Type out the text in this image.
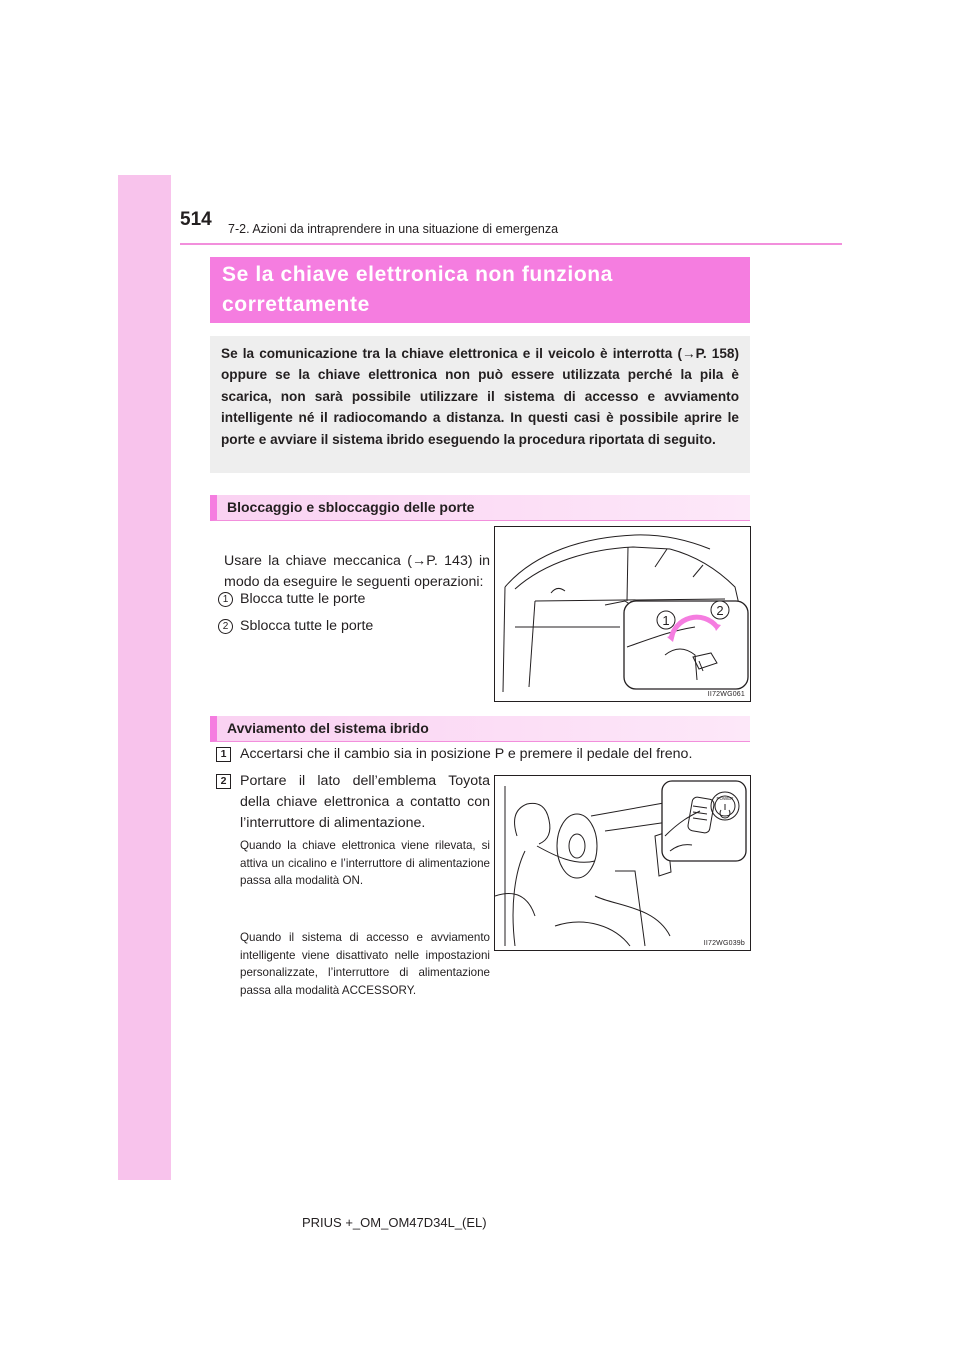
514 7-2. Azioni da intraprendere in una situazione di emergenza
Se la chiave elettronica non funziona
correttamente
Se la comunicazione tra la chiave elettronica e il veicolo è interrotta (→P. 158) oppure se la chiave elettronica non può essere utilizzata perché la pila è scarica, non sarà possibile utilizzare il sistema di accesso e avviamento intelligente né il radiocomando a distanza. In questi casi è possibile aprire le porte e avviare il sistema ibrido eseguendo la procedura riportata di seguito.
Bloccaggio e sbloccaggio delle porte
Usare la chiave meccanica (→P. 143) in modo da eseguire le seguenti operazioni:
1 Blocca tutte le porte
2 Sblocca tutte le porte	1
2
II72WG061
Avviamento del sistema ibrido
1 Accertarsi che il cambio sia in posizione P e premere il pedale del freno.
2 Portare il lato dell’emblema Toyota della chiave elettronica a contatto con l’interruttore di alimentazione.
Quando la chiave elettronica viene rilevata, si attiva un cicalino e l’interruttore di alimentazione passa alla modalità ON.
Quando il sistema di accesso e avviamento intelligente viene disattivato nelle impostazioni personalizzate, l’interruttore di alimentazione passa alla modalità ACCESSORY.
POWER
II72WG039b
PRIUS +_OM_OM47D34L_(EL)
